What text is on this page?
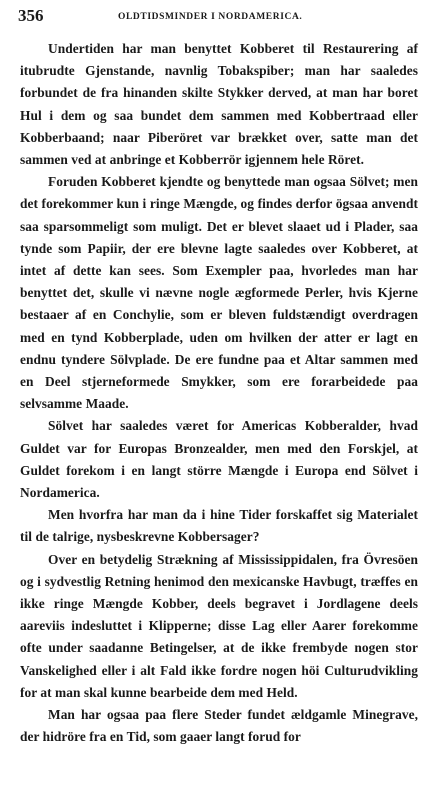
356	OLDTIDSMINDER I NORDAMERICA.

Undertiden har man benyttet Kobberet til Restaurering af itubrudte Gjenstande, navnlig Tobakspiber; man har saaledes forbundet de fra hinanden skilte Stykker derved, at man har boret Hul i dem og saa bundet dem sammen med Kobbertraad eller Kobberbaand; naar Piberöret var brækket over, satte man det sammen ved at anbringe et Kobberrör igjennem hele Röret.

Foruden Kobberet kjendte og benyttede man ogsaa Sölvet; men det forekommer kun i ringe Mængde, og findes derfor ögsaa anvendt saa sparsommeligt som muligt. Det er blevet slaaet ud i Plader, saa tynde som Papiir, der ere blevne lagte saaledes over Kobberet, at intet af dette kan sees. Som Exempler paa, hvorledes man har benyttet det, skulle vi nævne nogle ægformede Perler, hvis Kjerne bestaaer af en Conchylie, som er bleven fuldstændigt overdragen med en tynd Kobberplade, uden om hvilken der atter er lagt en endnu tyndere Sölvplade. De ere fundne paa et Altar sammen med en Deel stjerneformede Smykker, som ere forarbeidede paa selvsamme Maade.

Sölvet har saaledes været for Americas Kobberalder, hvad Guldet var for Europas Bronzealder, men med den Forskjel, at Guldet forekom i en langt större Mængde i Europa end Sölvet i Nordamerica.

Men hvorfra har man da i hine Tider forskaffet sig Materialet til de talrige, nysbeskrevne Kobbersager?

Over en betydelig Strækning af Mississippidalen, fra Övresöen og i sydvestlig Retning henimod den mexicanske Havbugt, træffes en ikke ringe Mængde Kobber, deels begravet i Jordlagene deels aareviis indesluttet i Klipperne; disse Lag eller Aarer forekomme ofte under saadanne Betingelser, at de ikke frembyde nogen stor Vanskelighed eller i alt Fald ikke fordre nogen höi Culturudvikling for at man skal kunne bearbeide dem med Held.

Man har ogsaa paa flere Steder fundet ældgamle Minegrave, der hidröre fra en Tid, som gaaer langt forud for
